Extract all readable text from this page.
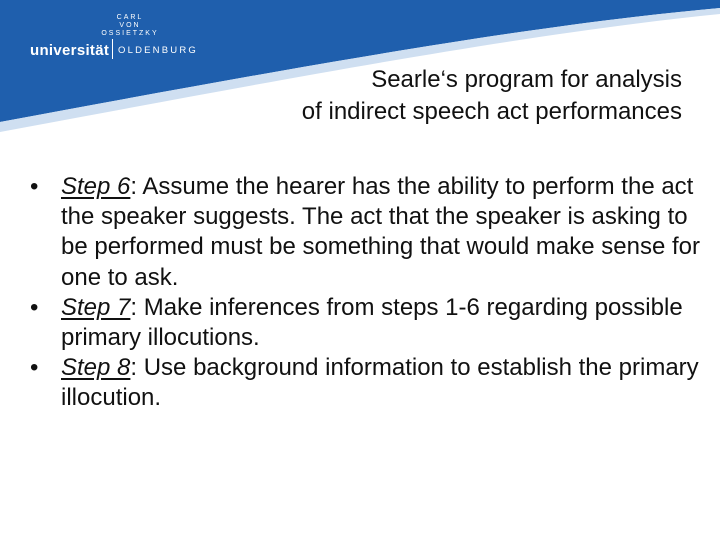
CARL
VON
OSSIETZKY
universität OLDENBURG
Searle‘s program for analysis
of indirect speech act performances
• Step 6: Assume the hearer has the ability to perform the act the speaker suggests. The act that the speaker is asking to be performed must be something that would make sense for one to ask.
• Step 7: Make inferences from steps 1-6 regarding possible primary illocutions.
• Step 8: Use background information to establish the primary illocution.
